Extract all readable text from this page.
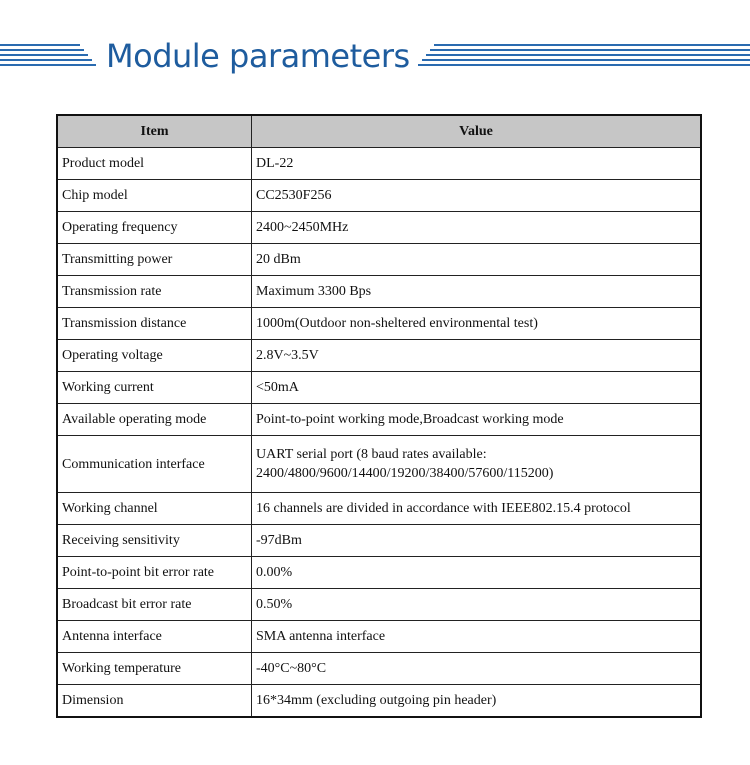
Module parameters
Item	Value
Product model	DL-22
Chip model	CC2530F256
Operating frequency	2400~2450MHz
Transmitting power	20 dBm
Transmission rate	Maximum 3300 Bps
Transmission distance	1000m(Outdoor non-sheltered environmental test)
Operating voltage	2.8V~3.5V
Working current	<50mA
Available operating mode	Point-to-point working mode,Broadcast working mode
Communication interface	UART serial port (8 baud rates available:
2400/4800/9600/14400/19200/38400/57600/115200)

Working channel	16 channels are divided in accordance with IEEE802.15.4 protocol
Receiving sensitivity	-97dBm
Point-to-point bit error rate	0.00%
Broadcast bit error rate	0.50%
Antenna interface	SMA antenna interface
Working temperature	-40°C~80°C
Dimension	16*34mm (excluding outgoing pin header)
